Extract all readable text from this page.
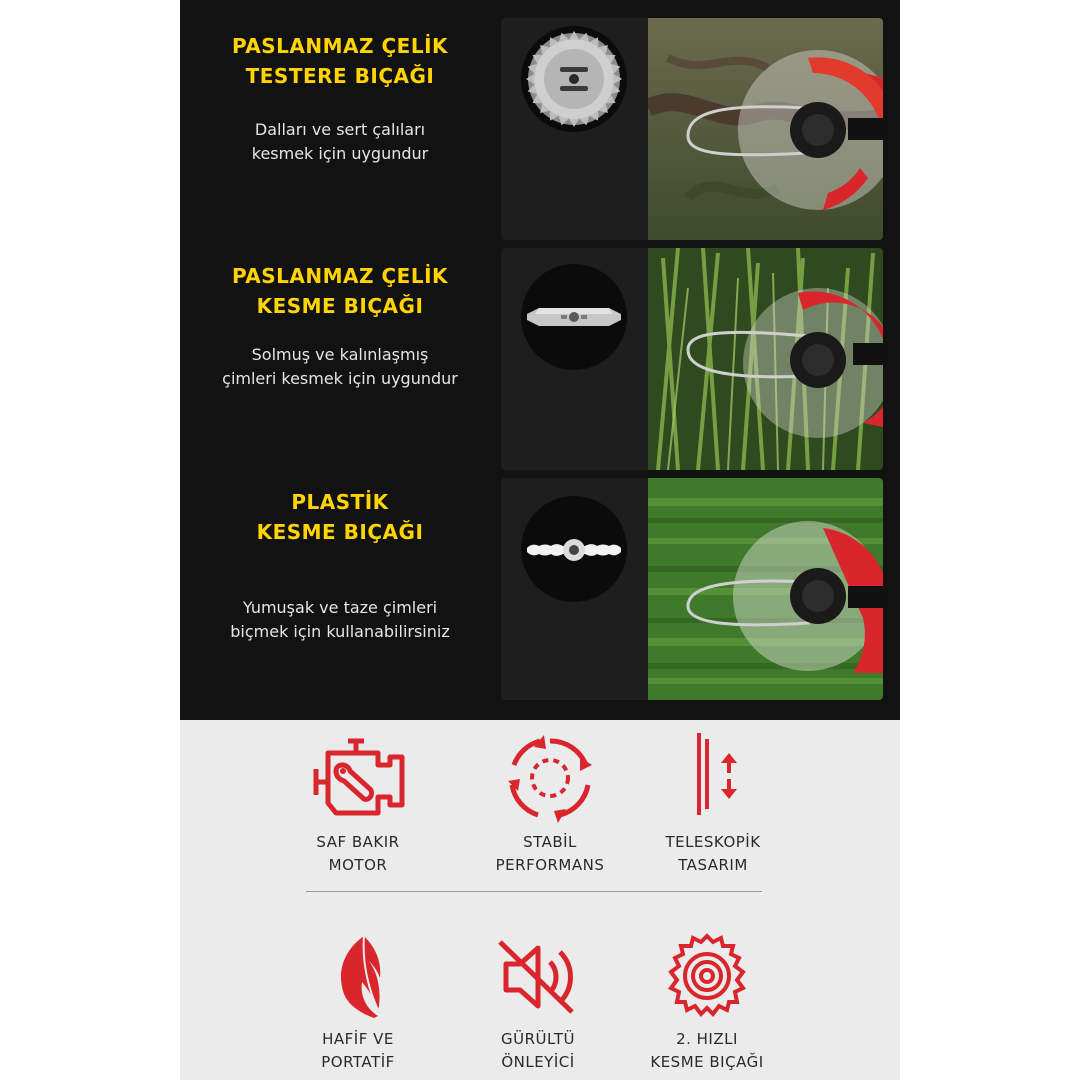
PASLANMAZ ÇELİK
TESTERE BIÇAĞI
Dalları ve sert çalıları
kesmek için uygundur
PASLANMAZ ÇELİK
KESME BIÇAĞI
Solmuş ve kalınlaşmış
çimleri kesmek için uygundur
PLASTİK
KESME BIÇAĞI
Yumuşak ve taze çimleri
biçmek için kullanabilirsiniz
SAF BAKIR
MOTOR
STABİL
PERFORMANS
TELESKOPİK
TASARIM
HAFİF VE
PORTATİF
GÜRÜLTÜ
ÖNLEYİCİ
2. HIZLI
KESME BIÇAĞI
